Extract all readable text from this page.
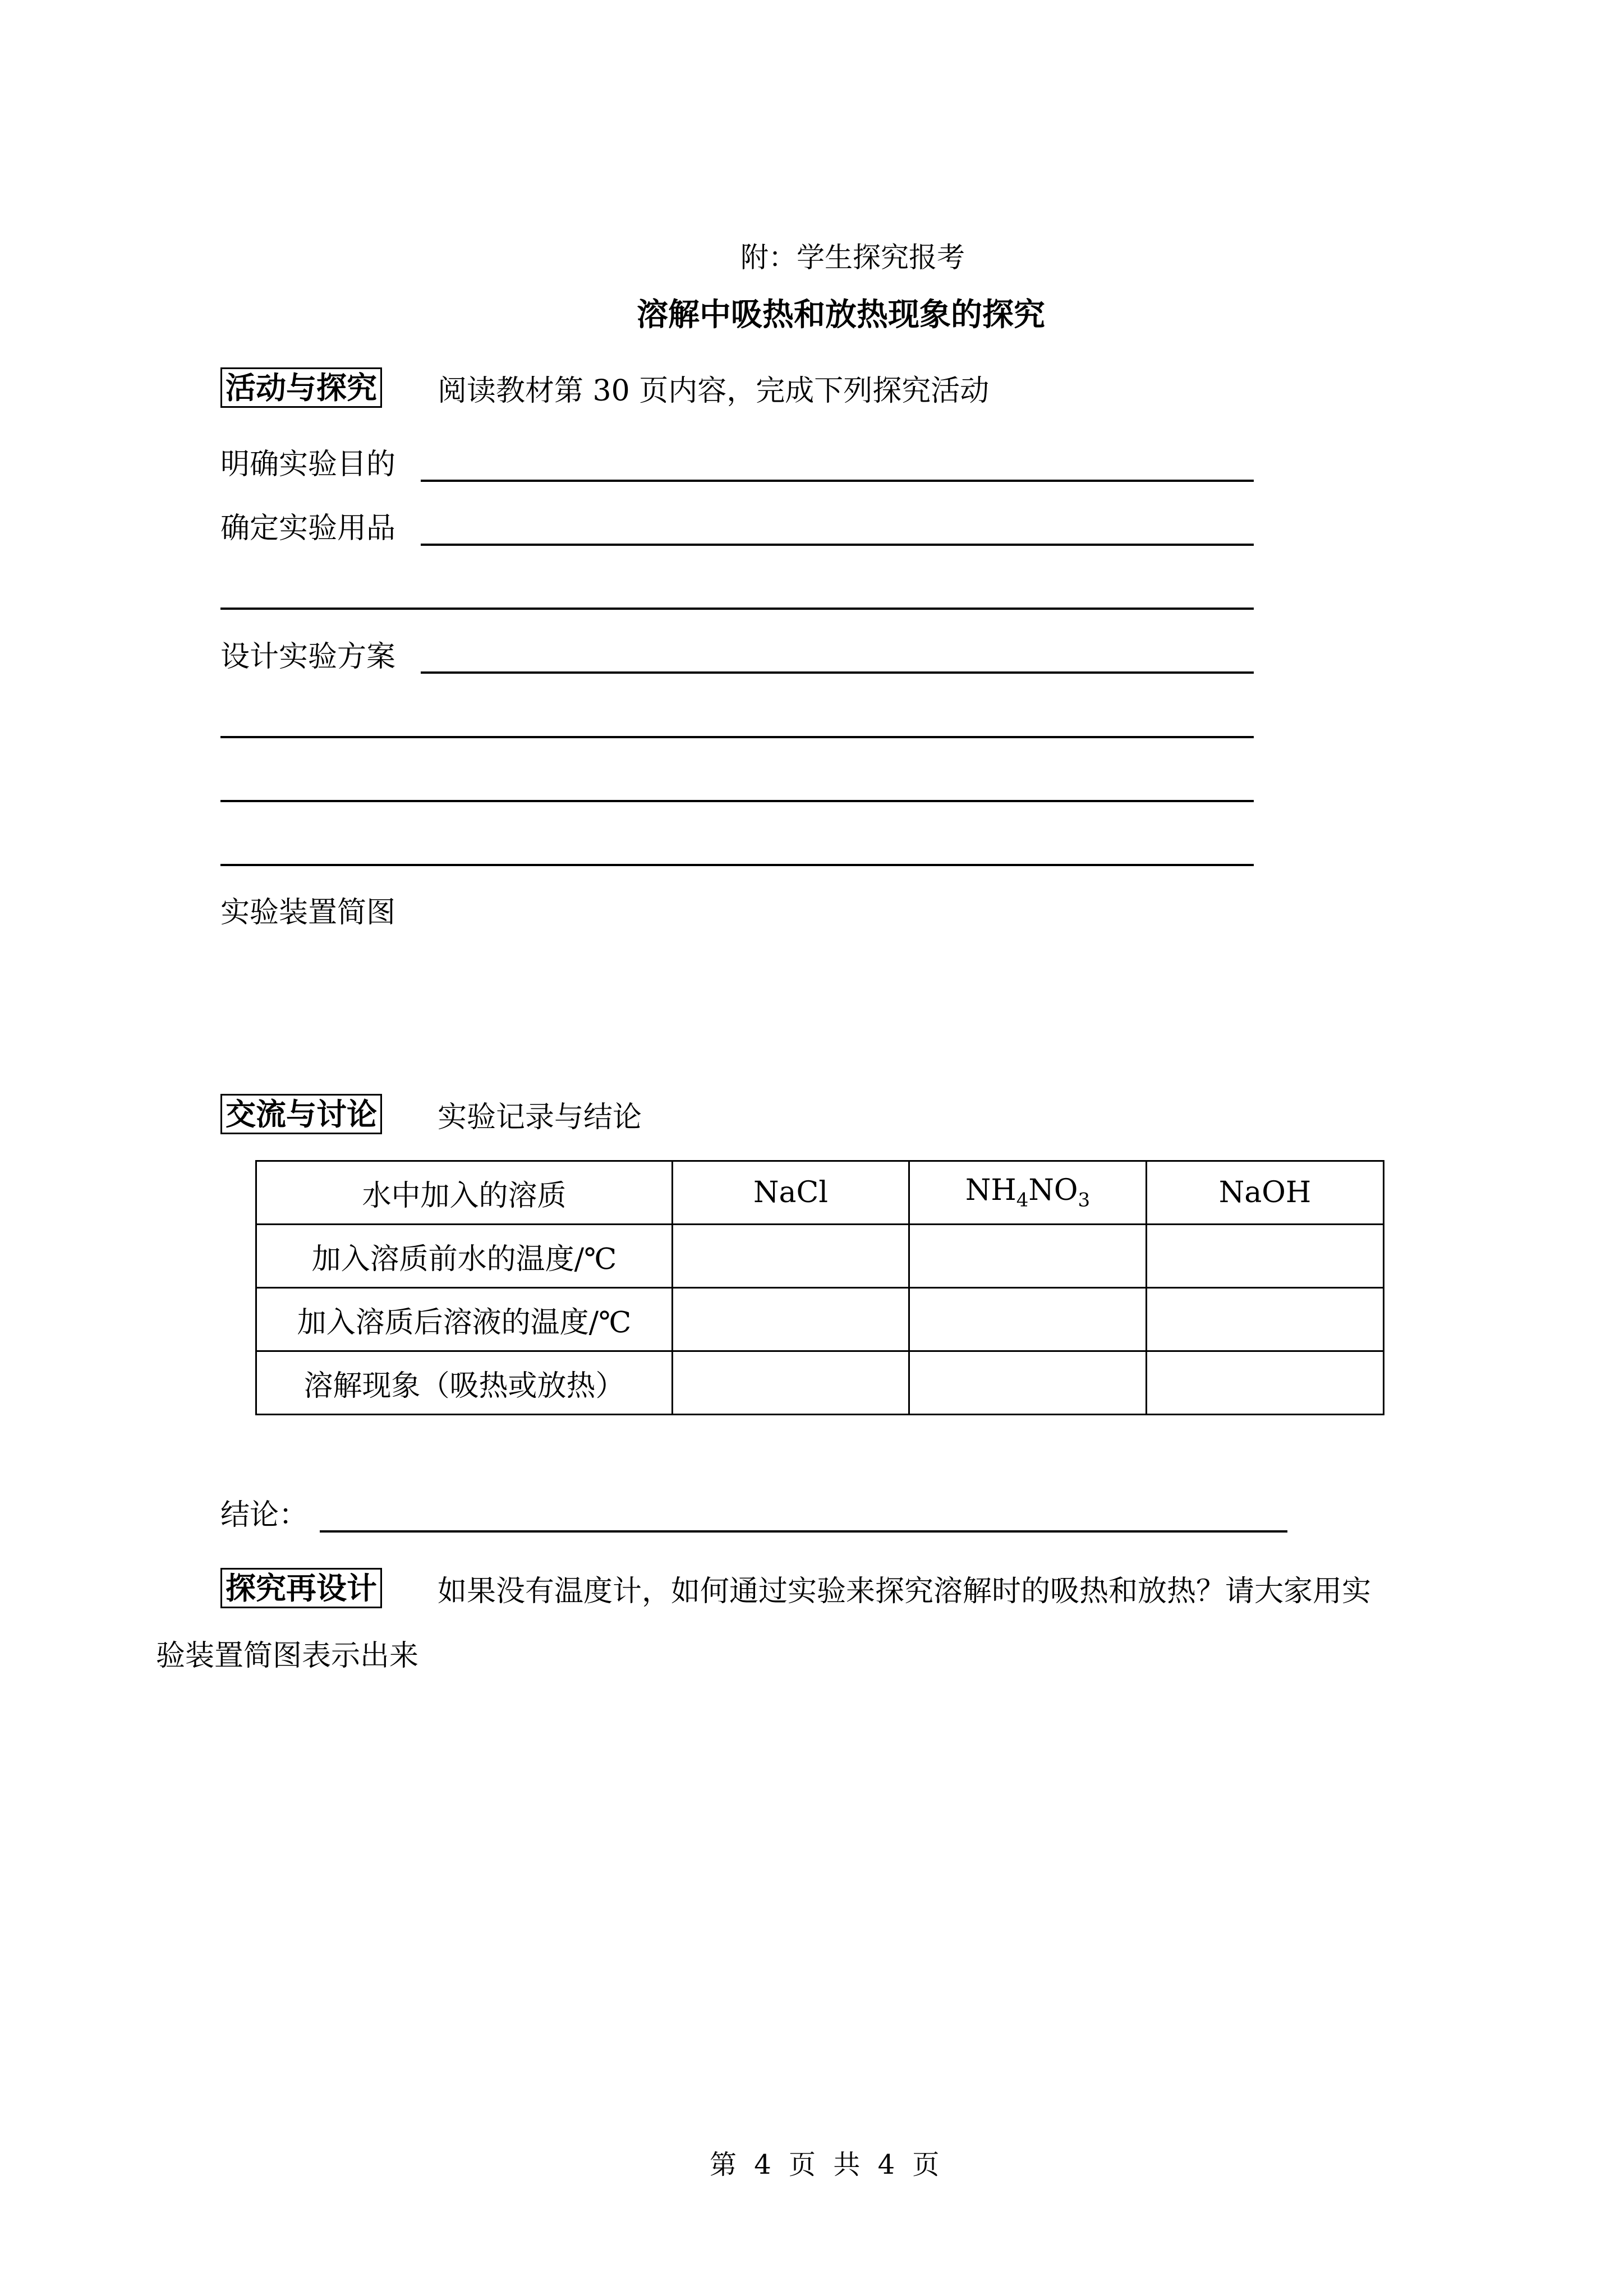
附：学生探究报考
溶解中吸热和放热现象的探究
活动与探究 阅读教材第 30 页内容，完成下列探究活动
明确实验目的
确定实验用品
设计实验方案
实验装置简图
交流与讨论 实验记录与结论
水中加入的溶质	NaCl	$NH_4NO_3$	NaOH
加入溶质前水的温度/℃			
加入溶质后溶液的温度/℃			
溶解现象（吸热或放热）			
结论：
探究再设计 如果没有温度计，如何通过实验来探究溶解时的吸热和放热？请大家用实
验装置简图表示出来
第 4 页 共 4 页
